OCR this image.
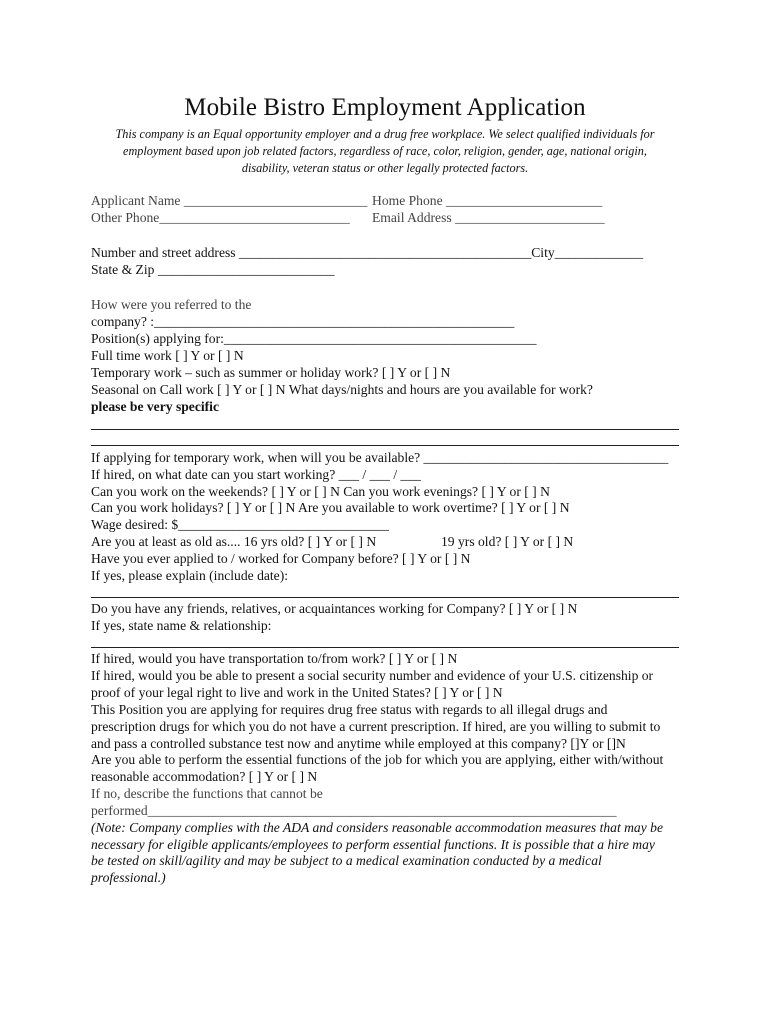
Mobile Bistro Employment Application
This company is an Equal opportunity employer and a drug free workplace. We select qualified individuals for employment based upon job related factors, regardless of race, color, religion, gender, age, national origin, disability, veteran status or other legally protected factors.
Applicant Name ___________________________ Home Phone _______________________
Other Phone____________________________ Email Address ______________________
Number and street address ___________________________________________City_____________
State & Zip __________________________
How were you referred to the
company? :_____________________________________________________
Position(s) applying for:______________________________________________
Full time work [ ] Y or [ ] N
Temporary work – such as summer or holiday work? [ ] Y or [ ] N
Seasonal on Call work [ ] Y or [ ] N What days/nights and hours are you available for work?
please be very specific
If applying for temporary work, when will you be available? ____________________________________
If hired, on what date can you start working? ___ / ___ / ___
Can you work on the weekends? [ ] Y or [ ] N Can you work evenings? [ ] Y or [ ] N
Can you work holidays? [ ] Y or [ ] N Are you available to work overtime? [ ] Y or [ ] N
Wage desired: $_______________________________
Are you at least as old as.... 16 yrs old? [ ] Y or [ ] N	19 yrs old? [ ] Y or [ ] N
Have you ever applied to / worked for Company before? [ ] Y or [ ] N
If yes, please explain (include date):
Do you have any friends, relatives, or acquaintances working for Company? [ ] Y or [ ] N
If yes, state name & relationship:
If hired, would you have transportation to/from work? [ ] Y or [ ] N
If hired, would you be able to present a social security number and evidence of your U.S. citizenship or
proof of your legal right to live and work in the United States? [ ] Y or [ ] N
This Position you are applying for requires drug free status with regards to all illegal drugs and
prescription drugs for which you do not have a current prescription. If hired, are you willing to submit to
and pass a controlled substance test now and anytime while employed at this company? []Y or []N
Are you able to perform the essential functions of the job for which you are applying, either with/without
reasonable accommodation? [ ] Y or [ ] N
If no, describe the functions that cannot be
performed_____________________________________________________________________
(Note: Company complies with the ADA and considers reasonable accommodation measures that may be
necessary for eligible applicants/employees to perform essential functions. It is possible that a hire may
be tested on skill/agility and may be subject to a medical examination conducted by a medical
professional.)
